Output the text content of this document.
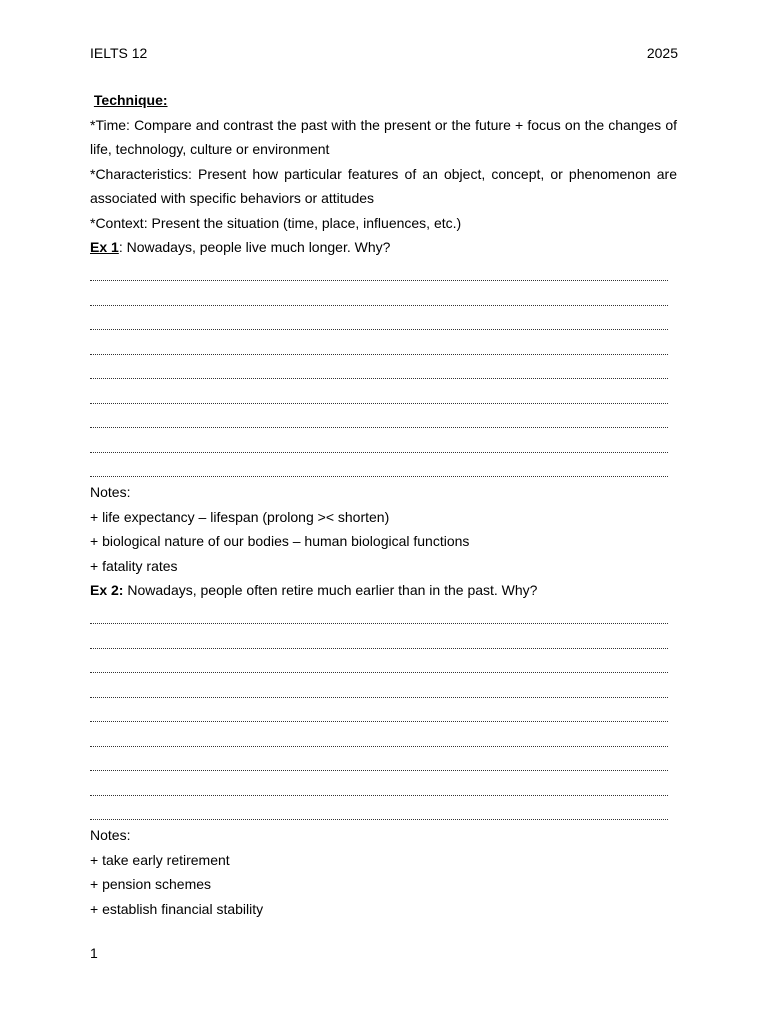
IELTS 12	2025
Technique:
*Time: Compare and contrast the past with the present or the future + focus on the changes of
life, technology, culture or environment
*Characteristics: Present how particular features of an object, concept, or phenomenon are
associated with specific behaviors or attitudes
*Context: Present the situation (time, place, influences, etc.)
Ex 1: Nowadays, people live much longer. Why?
Notes:
+ life expectancy – lifespan (prolong >< shorten)
+ biological nature of our bodies – human biological functions
+ fatality rates
Ex 2: Nowadays, people often retire much earlier than in the past. Why?
Notes:
+ take early retirement
+ pension schemes
+ establish financial stability
1
